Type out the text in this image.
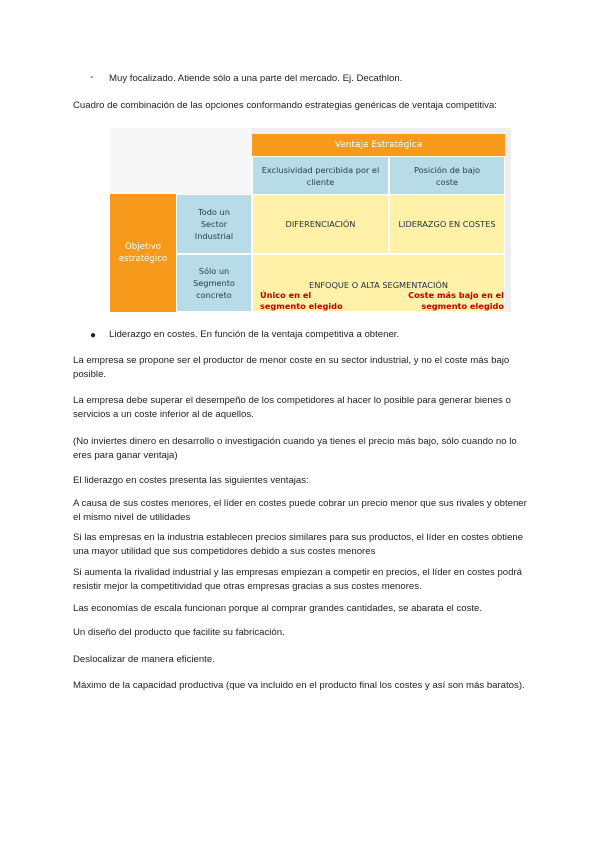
- Muy focalizado. Atiende sólo a una parte del mercado. Ej. Decathlon.
Cuadro de combinación de las opciones conformando estrategias genéricas de ventaja competitiva:
Ventaja Estratégica
Exclusividad percibida por el cliente
Posición de bajo coste
Objetivo estratégico
Todo un Sector Industrial
Sólo un Segmento concreto
DIFERENCIACIÓN	LIDERAZGO EN COSTES
ENFOQUE O ALTA SEGMENTACIÓN
Único en el segmento elegido
Coste más bajo en el segmento elegido
● Liderazgo en costes. En función de la ventaja competitiva a obtener.
La empresa se propone ser el productor de menor coste en su sector industrial, y no el coste más bajo posible.
La empresa debe superar el desempeño de los competidores al hacer lo posible para generar bienes o servicios a un coste inferior al de aquellos.
(No inviertes dinero en desarrollo o investigación cuando ya tienes el precio más bajo, sólo cuando no lo eres para ganar ventaja)
El liderazgo en costes presenta las siguientes ventajas:
A causa de sus costes menores, el líder en costes puede cobrar un precio menor que sus rivales y obtener el mismo nivel de utilidades
Si las empresas en la industria establecen precios similares para sus productos, el líder en costes obtiene una mayor utilidad que sus competidores debido a sus costes menores
Si aumenta la rivalidad industrial y las empresas empiezan a competir en precios, el líder en costes podrá resistir mejor la competitividad que otras empresas gracias a sus costes menores.
Las economías de escala funcionan porque al comprar grandes cantidades, se abarata el coste.
Un diseño del producto que facilite su fabricación.
Deslocalizar de manera eficiente.
Máximo de la capacidad productiva (que va incluido en el producto final los costes y así son más baratos).
